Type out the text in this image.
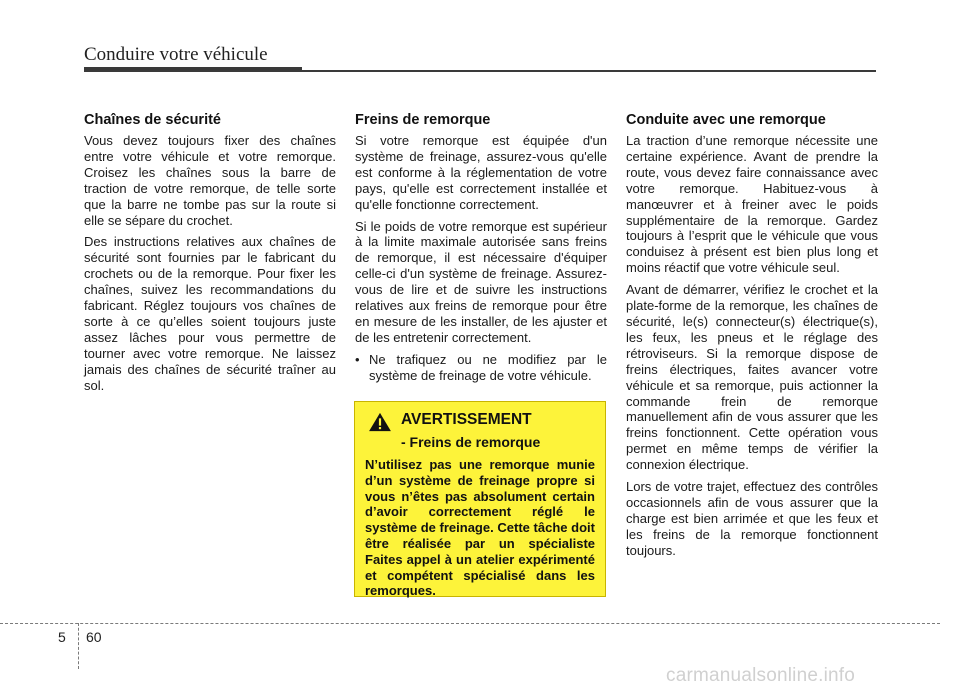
Conduire votre véhicule
Chaînes de sécurité

Vous devez toujours fixer des chaînes entre votre véhicule et votre remorque. Croisez les chaînes sous la barre de traction de votre remorque, de telle sorte que la barre ne tombe pas sur la route si elle se sépare du crochet.

Des instructions relatives aux chaînes de sécurité sont fournies par le fabricant du crochets ou de la remorque. Pour fixer les chaînes, suivez les recommandations du fabricant. Réglez toujours vos chaînes de sorte à ce qu’elles soient toujours juste assez lâches pour vous permettre de tourner avec votre remorque. Ne laissez jamais des chaînes de sécurité traîner au sol.

Freins de remorque

Si votre remorque est équipée d'un système de freinage, assurez-vous qu'elle est conforme à la réglementation de votre pays, qu'elle est correctement installée et qu'elle fonctionne correctement.

Si le poids de votre remorque est supérieur à la limite maximale autorisée sans freins de remorque, il est nécessaire d'équiper celle-ci d'un système de freinage. Assurez-vous de lire et de suivre les instructions relatives aux freins de remorque pour être en mesure de les installer, de les ajuster et de les entretenir correctement.

• Ne trafiquez ou ne modifiez par le système de freinage de votre véhicule.
AVERTISSEMENT
- Freins de remorque
N’utilisez pas une remorque munie d’un système de freinage propre si vous n’êtes pas absolument certain d’avoir correctement réglé le système de freinage. Cette tâche doit être réalisée par un spécialiste Faites appel à un atelier expérimenté et compétent spécialisé dans les remorques.
Conduite avec une remorque

La traction d’une remorque nécessite une certaine expérience. Avant de prendre la route, vous devez faire connaissance avec votre remorque. Habituez-vous à manœuvrer et à freiner avec le poids supplémentaire de la remorque. Gardez toujours à l’esprit que le véhicule que vous conduisez à présent est bien plus long et moins réactif que votre véhicule seul.

Avant de démarrer, vérifiez le crochet et la plate-forme de la remorque, les chaînes de sécurité, le(s) connecteur(s) électrique(s), les feux, les pneus et le réglage des rétroviseurs. Si la remorque dispose de freins électriques, faites avancer votre véhicule et sa remorque, puis actionner la commande frein de remorque manuellement afin de vous assurer que les freins fonctionnent. Cette opération vous permet en même temps de vérifier la connexion électrique.

Lors de votre trajet, effectuez des contrôles occasionnels afin de vous assurer que la charge est bien arrimée et que les feux et les freins de la remorque fonctionnent toujours.

5 60
carmanualsonline.info
